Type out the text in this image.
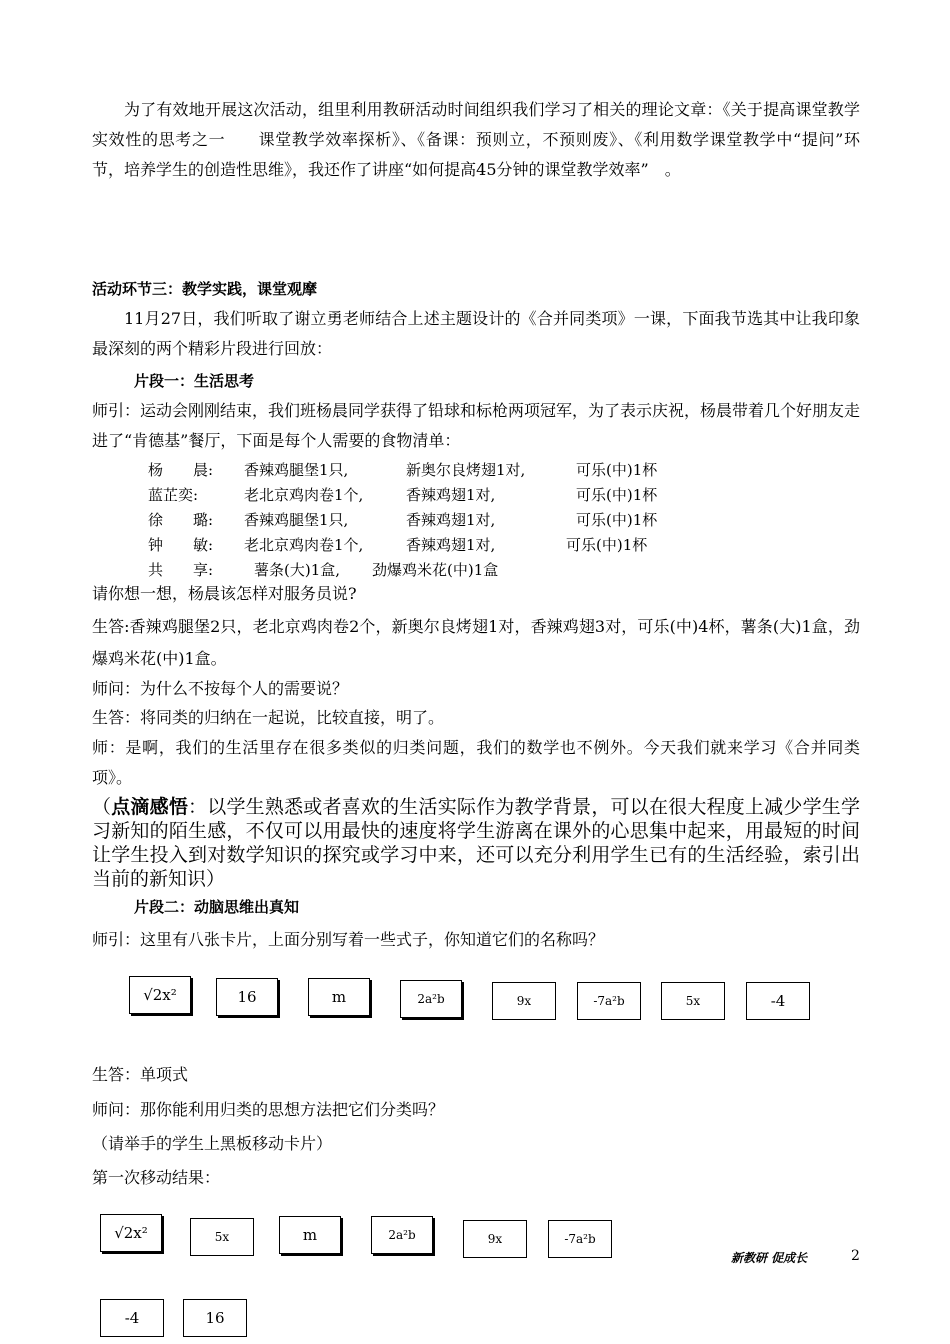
为了有效地开展这次活动，组里利用教研活动时间组织我们学习了相关的理论文章：《关于提高课堂教学实效性的思考之一　　课堂教学效率探析》、《备课：预则立，不预则废》、《利用数学课堂教学中“提问”环节，培养学生的创造性思维》，我还作了讲座“如何提高45分钟的课堂教学效率”　。

活动环节三：教学实践，课堂观摩

11月27日，我们听取了谢立勇老师结合上述主题设计的《合并同类项》一课，下面我节选其中让我印象最深刻的两个精彩片段进行回放：

片段一：生活思考

师引：运动会刚刚结束，我们班杨晨同学获得了铅球和标枪两项冠军，为了表示庆祝，杨晨带着几个好朋友走进了“肯德基”餐厅，下面是每个人需要的食物清单：

杨　　晨: 香辣鸡腿堡1只,	新奥尔良烤翅1对,	可乐(中)1杯
蓝芷奕:	老北京鸡肉卷1个,	香辣鸡翅1对,	可乐(中)1杯
徐　　璐: 香辣鸡腿堡1只,	香辣鸡翅1对,	可乐(中)1杯
钟　　敏: 老北京鸡肉卷1个,	香辣鸡翅1对,	可乐(中)1杯
共　　享:	薯条(大)1盒, 劲爆鸡米花(中)1盒
请你想一想，杨晨该怎样对服务员说?

生答:香辣鸡腿堡2只，老北京鸡肉卷2个，新奥尔良烤翅1对，香辣鸡翅3对，可乐(中)4杯，薯条(大)1盒，劲爆鸡米花(中)1盒。

师问：为什么不按每个人的需要说？
生答：将同类的归纳在一起说，比较直接，明了。

师：是啊，我们的生活里存在很多类似的归类问题，我们的数学也不例外。今天我们就来学习《合并同类项》。

（点滴感悟：以学生熟悉或者喜欢的生活实际作为教学背景，可以在很大程度上减少学生学习新知的陌生感，不仅可以用最快的速度将学生游离在课外的心思集中起来，用最短的时间让学生投入到对数学知识的探究或学习中来，还可以充分利用学生已有的生活经验，索引出当前的新知识）

片段二：动脑思维出真知
师引：这里有八张卡片，上面分别写着一些式子，你知道它们的名称吗？
√2x²	16	m	2a²b	9x	-7a²b	5x	-4
生答：单项式
师问：那你能利用归类的思想方法把它们分类吗？
（请举手的学生上黑板移动卡片）
第一次移动结果：
√2x²	5x	m	2a²b	9x	-7a²b
新教研 促成长	2
-4	16
